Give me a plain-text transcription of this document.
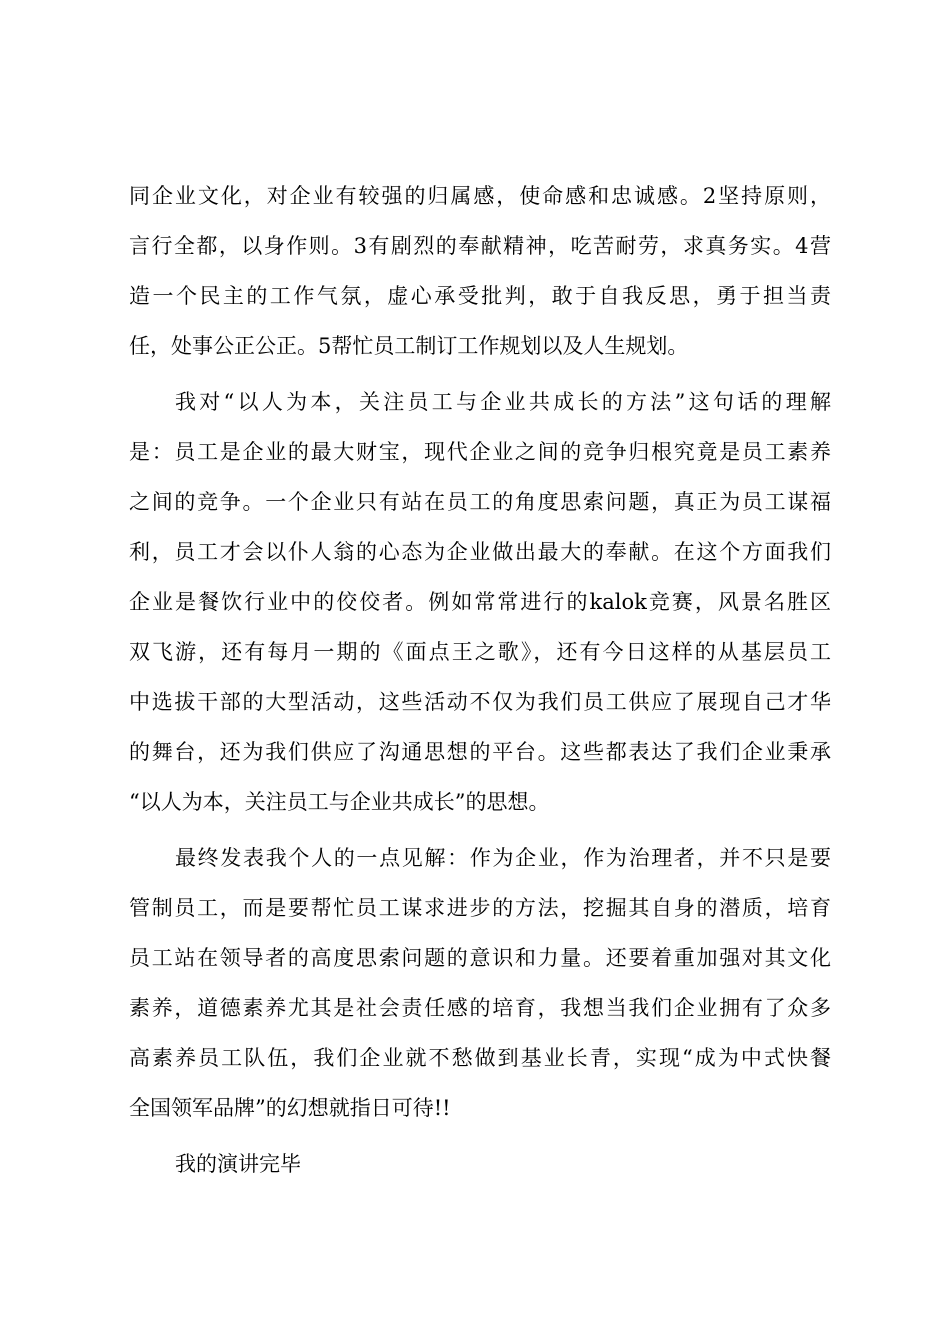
同企业文化，对企业有较强的归属感，使命感和忠诚感。2坚持原则，
言行全都，以身作则。3有剧烈的奉献精神，吃苦耐劳，求真务实。4营
造一个民主的工作气氛，虚心承受批判，敢于自我反思，勇于担当责
任，处事公正公正。5帮忙员工制订工作规划以及人生规划。
我对“以人为本，关注员工与企业共成长的方法”这句话的理解
是：员工是企业的最大财宝，现代企业之间的竞争归根究竟是员工素养
之间的竞争。一个企业只有站在员工的角度思索问题，真正为员工谋福
利，员工才会以仆人翁的心态为企业做出最大的奉献。在这个方面我们
企业是餐饮行业中的佼佼者。例如常常进行的kalok竞赛，风景名胜区
双飞游，还有每月一期的《面点王之歌》，还有今日这样的从基层员工
中选拔干部的大型活动，这些活动不仅为我们员工供应了展现自己才华
的舞台，还为我们供应了沟通思想的平台。这些都表达了我们企业秉承
“以人为本，关注员工与企业共成长”的思想。
最终发表我个人的一点见解：作为企业，作为治理者，并不只是要
管制员工，而是要帮忙员工谋求进步的方法，挖掘其自身的潜质，培育
员工站在领导者的高度思索问题的意识和力量。还要着重加强对其文化
素养，道德素养尤其是社会责任感的培育，我想当我们企业拥有了众多
高素养员工队伍，我们企业就不愁做到基业长青，实现“成为中式快餐
全国领军品牌”的幻想就指日可待!!
我的演讲完毕
